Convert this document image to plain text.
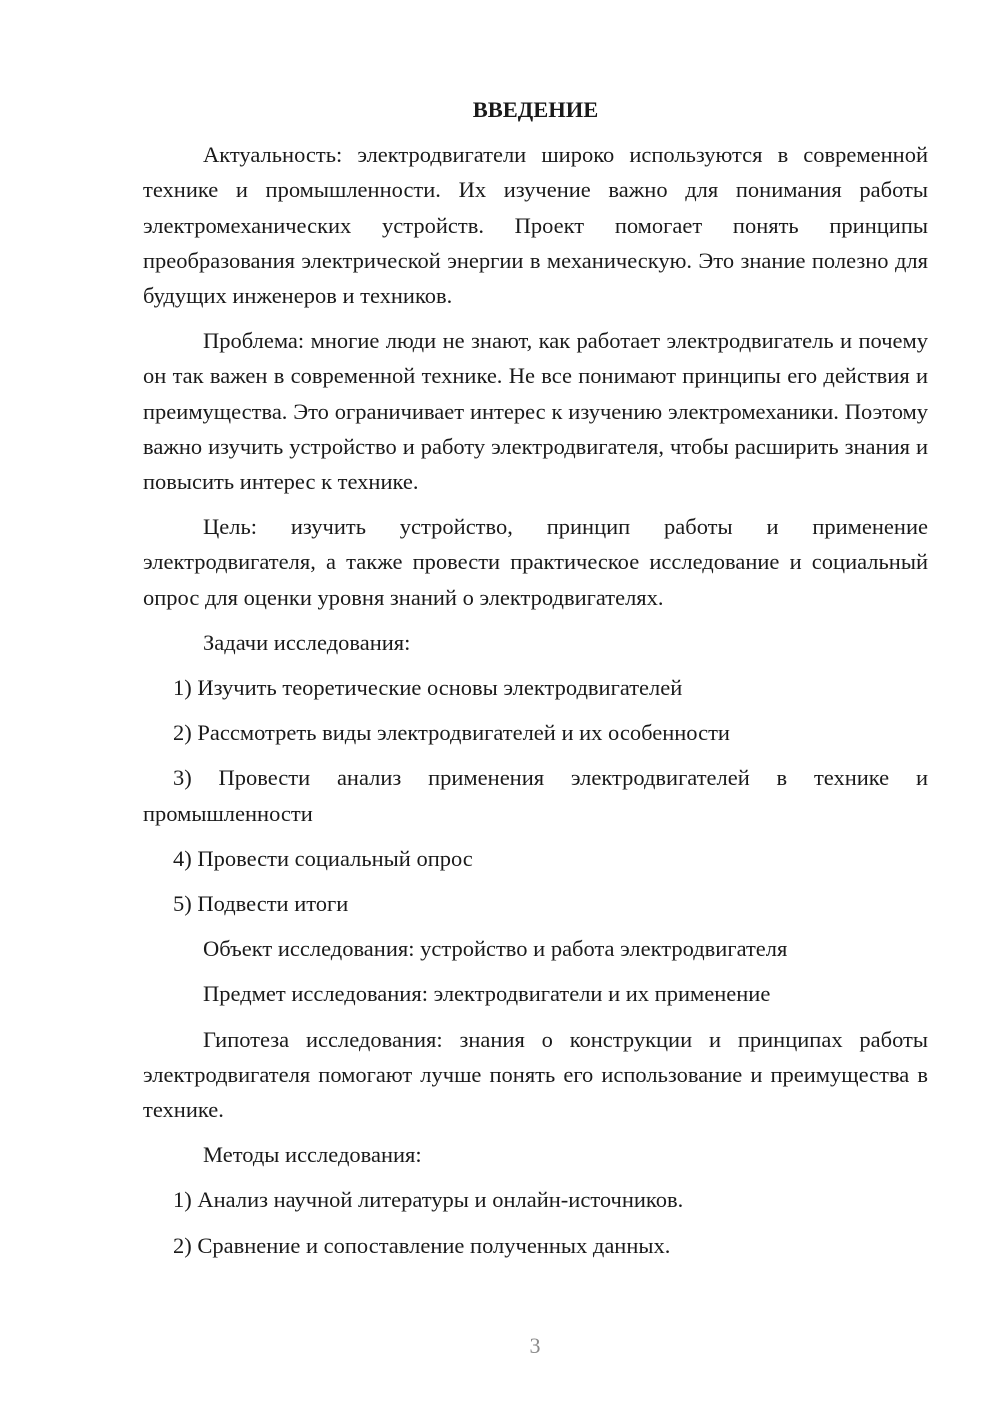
ВВЕДЕНИЕ

Актуальность: электродвигатели широко используются в современной технике и промышленности. Их изучение важно для понимания работы электромеханических устройств. Проект помогает понять принципы преобразования электрической энергии в механическую. Это знание полезно для будущих инженеров и техников.

Проблема: многие люди не знают, как работает электродвигатель и почему он так важен в современной технике. Не все понимают принципы его действия и преимущества. Это ограничивает интерес к изучению электромеханики. Поэтому важно изучить устройство и работу электродвигателя, чтобы расширить знания и повысить интерес к технике.

Цель: изучить устройство, принцип работы и применение электродвигателя, а также провести практическое исследование и социальный опрос для оценки уровня знаний о электродвигателях.

Задачи исследования:

1) Изучить теоретические основы электродвигателей

2) Рассмотреть виды электродвигателей и их особенности

3) Провести анализ применения электродвигателей в технике и промышленности

4) Провести социальный опрос

5) Подвести итоги

Объект исследования: устройство и работа электродвигателя

Предмет исследования: электродвигатели и их применение

Гипотеза исследования: знания о конструкции и принципах работы электродвигателя помогают лучше понять его использование и преимущества в технике.

Методы исследования:

1) Анализ научной литературы и онлайн-источников.

2) Сравнение и сопоставление полученных данных.

3
